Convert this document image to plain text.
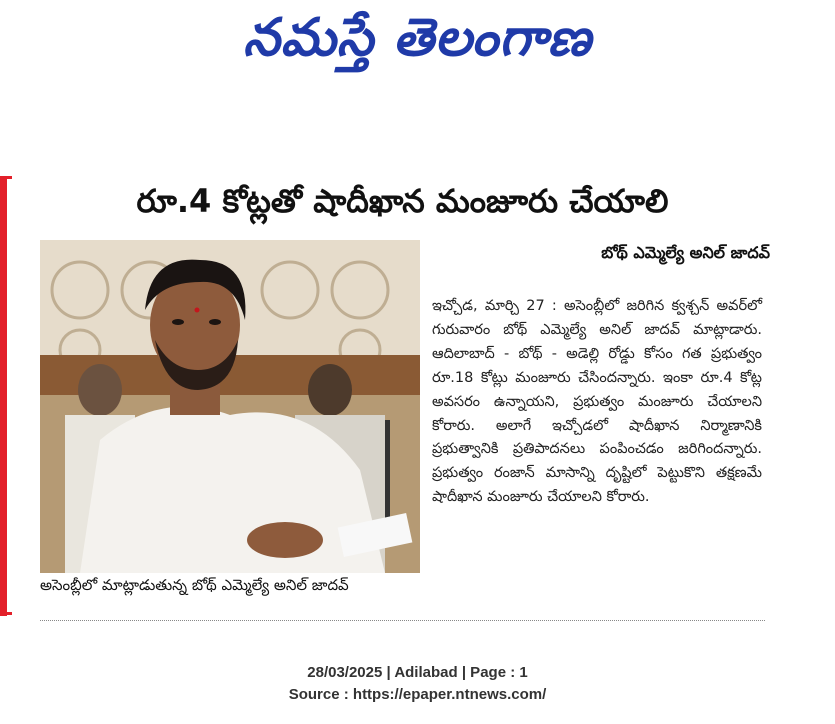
నమస్తే తెలంగాణ
రూ.4 కోట్లతో షాదీఖాన మంజూరు చేయాలి
అసెంబ్లీలో మాట్లాడుతున్న బోథ్ ఎమ్మెల్యే అనిల్ జాదవ్
బోథ్ ఎమ్మెల్యే అనిల్ జాదవ్
ఇచ్చోడ, మార్చి 27 : అసెంబ్లీలో జరిగిన క్వశ్చన్ అవర్‌లో గురువారం బోథ్ ఎమ్మెల్యే అనిల్ జాదవ్ మాట్లాడారు. ఆదిలాబాద్ - బోథ్ - అడెల్లి రోడ్డు కోసం గత ప్రభుత్వం రూ.18 కోట్లు మంజూరు చేసిందన్నారు. ఇంకా రూ.4 కోట్ల అవసరం ఉన్నాయని, ప్రభుత్వం మంజూరు చేయాలని కోరారు. అలాగే ఇచ్చోడలో షాదీఖాన నిర్మాణానికి ప్రభుత్వానికి ప్రతిపాదనలు పంపించడం జరిగిందన్నారు. ప్రభుత్వం రంజాన్ మాసాన్ని దృష్టిలో పెట్టుకొని తక్షణమే షాదీఖాన మంజూరు చేయాలని కోరారు.
28/03/2025 | Adilabad | Page : 1
Source : https://epaper.ntnews.com/
